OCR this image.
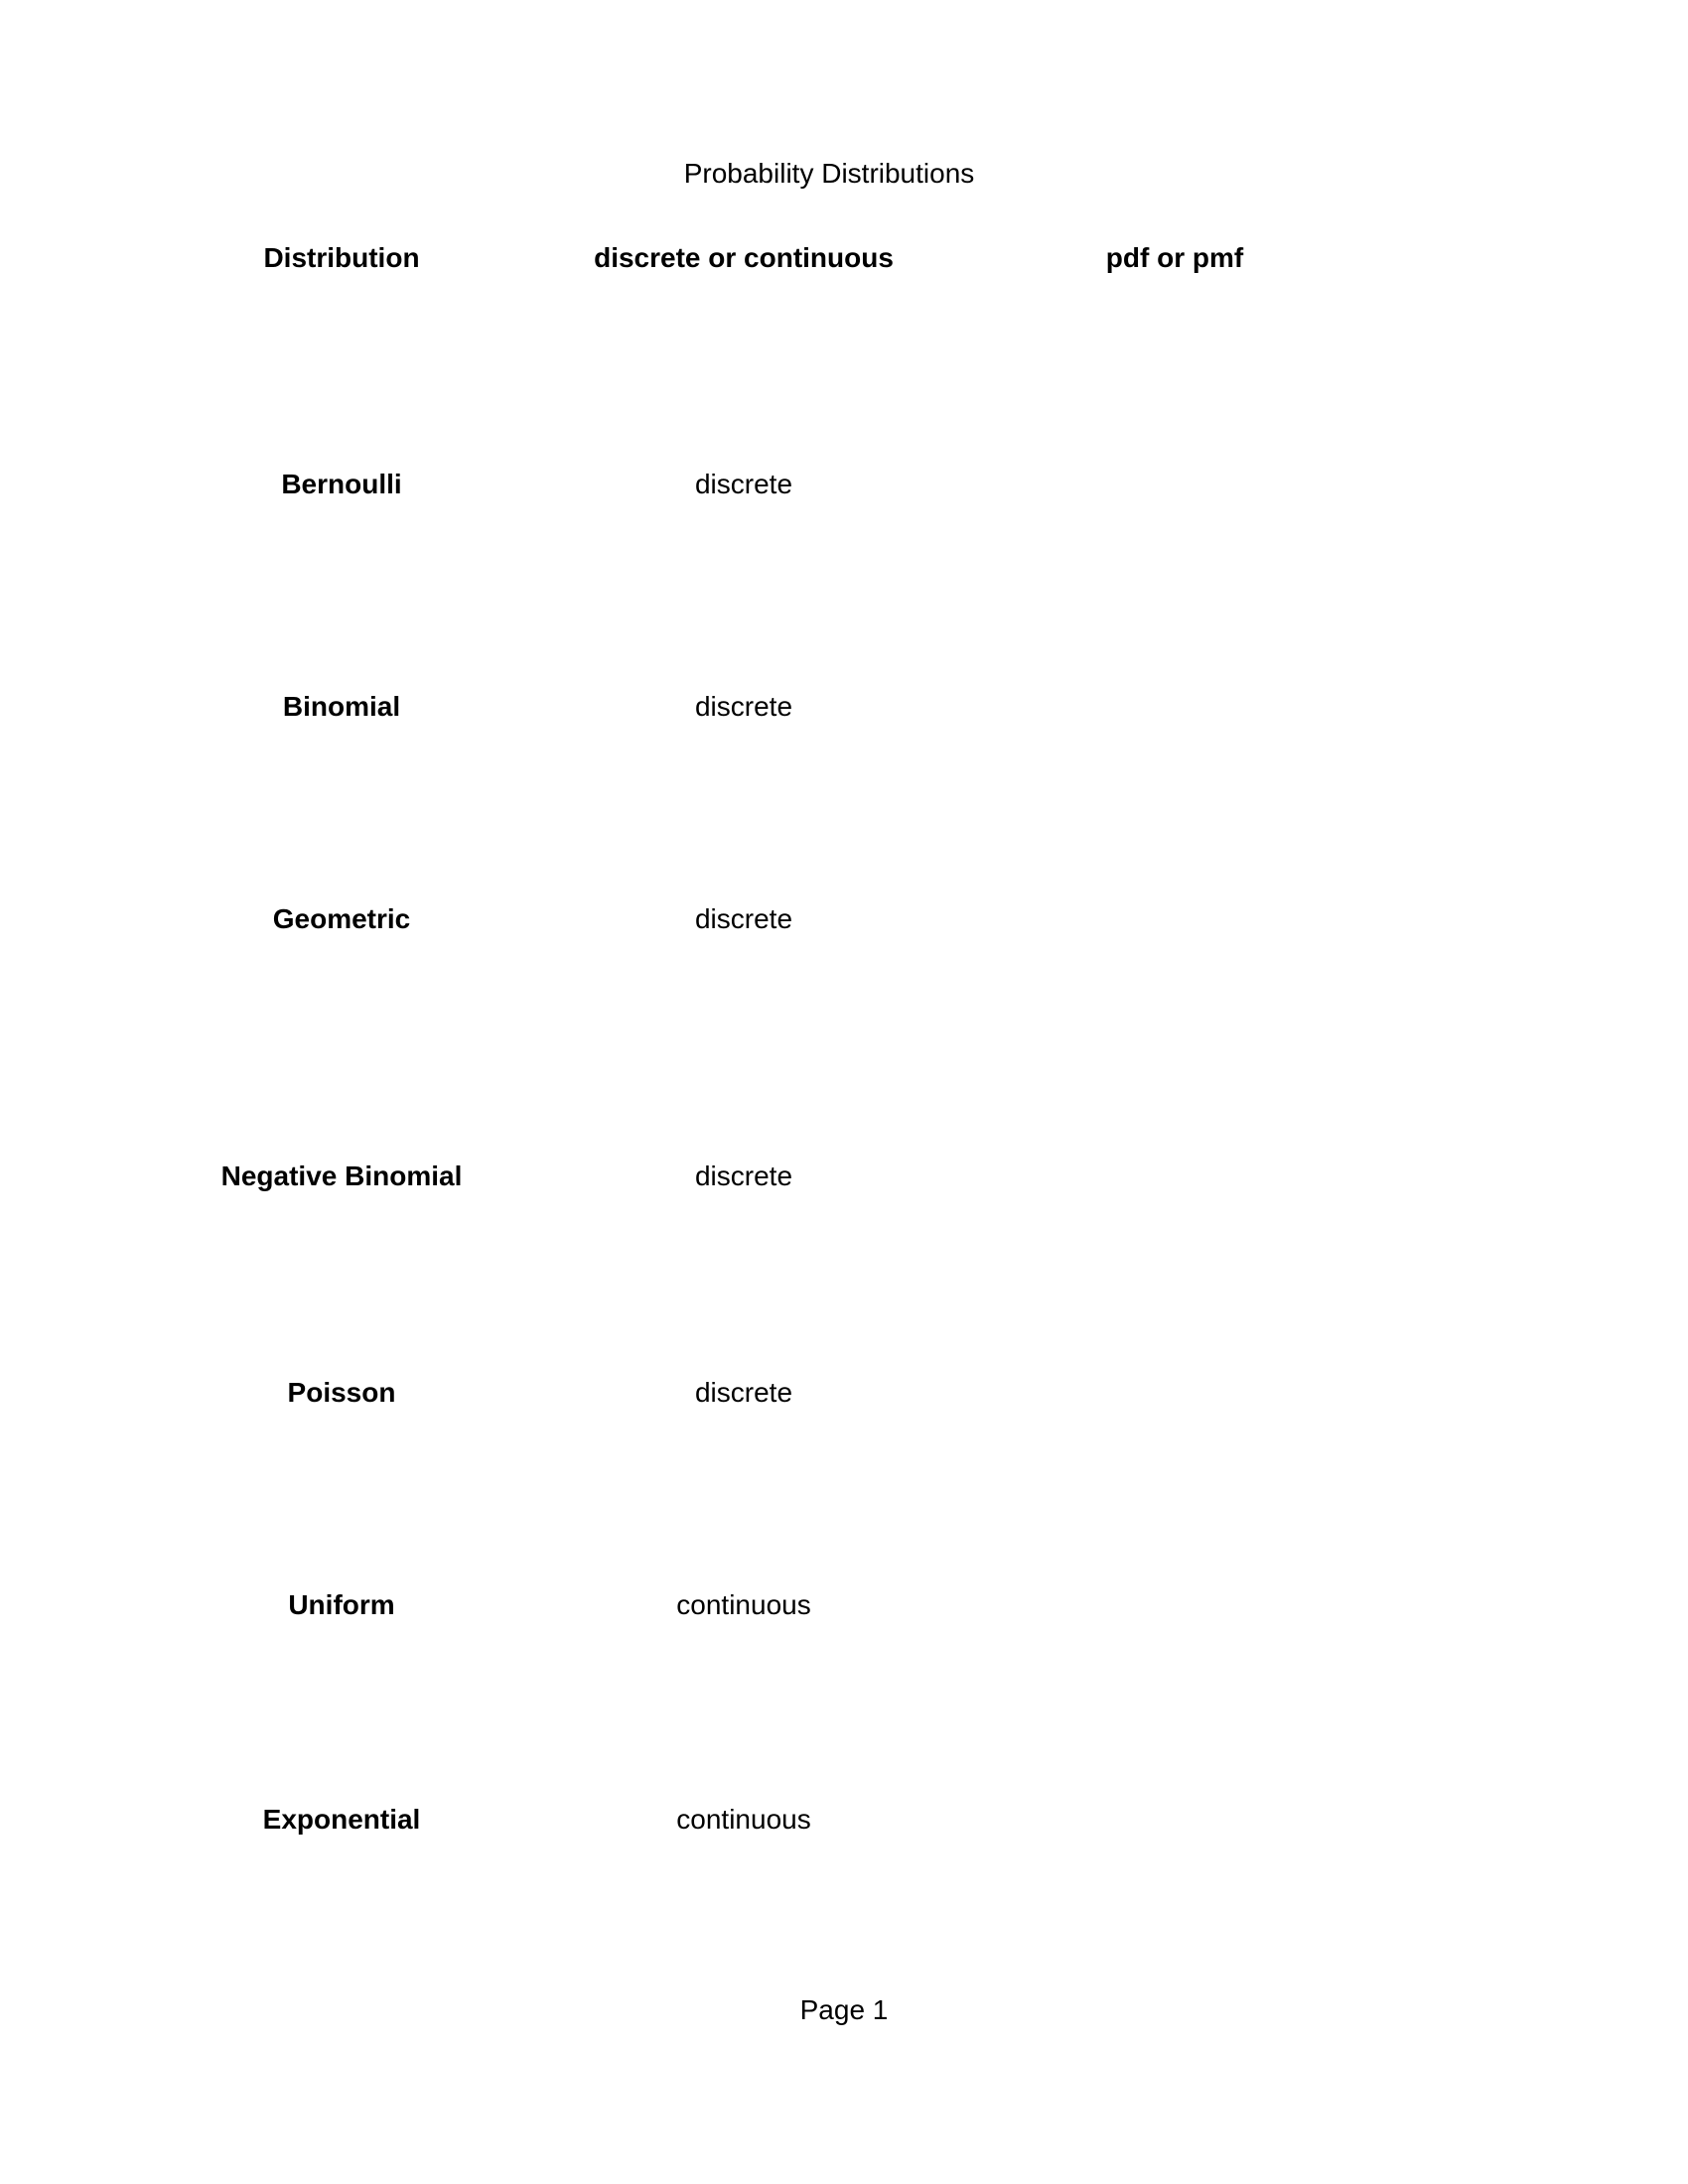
Probability Distributions
Distribution	discrete or continuous	pdf or pmf
Bernoulli	discrete
Binomial	discrete
Geometric	discrete
Negative Binomial	discrete
Poisson	discrete
Uniform	continuous
Exponential	continuous
Page 1
